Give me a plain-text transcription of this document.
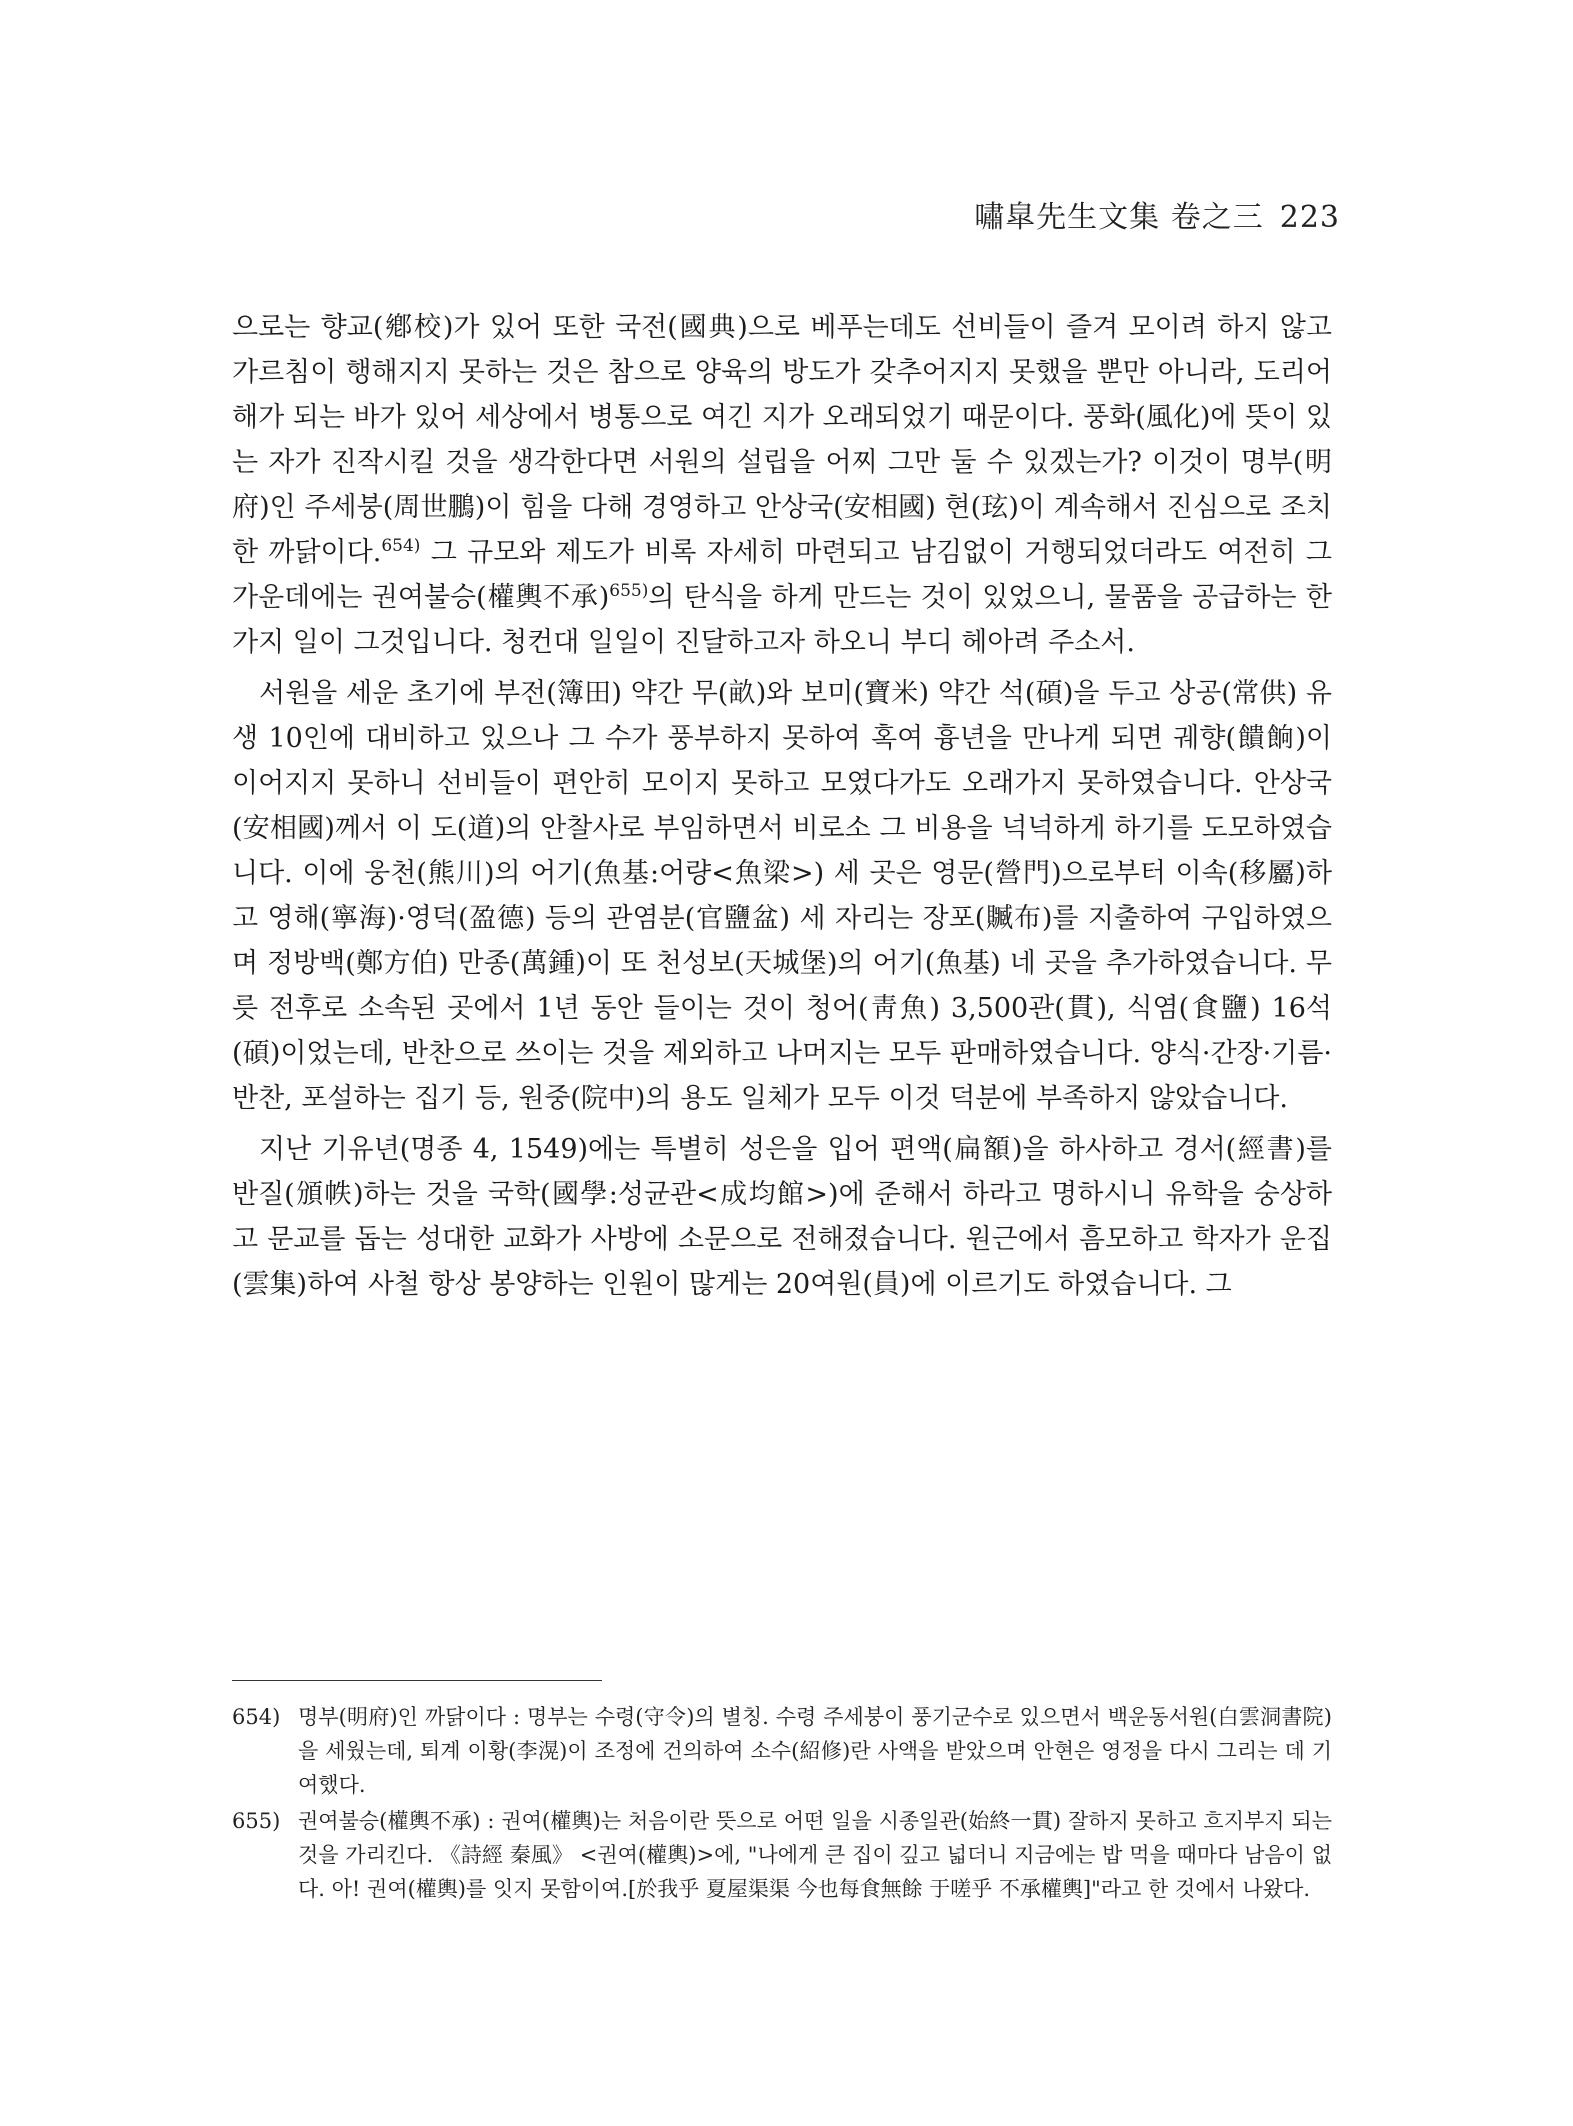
嘯皐先生文集 卷之三 223

으로는 향교(鄕校)가 있어 또한 국전(國典)으로 베푸는데도 선비들이 즐겨 모이려 하지 않고 가르침이 행해지지 못하는 것은 참으로 양육의 방도가 갖추어지지 못했을 뿐만 아니라, 도리어 해가 되는 바가 있어 세상에서 병통으로 여긴 지가 오래되었기 때문이다. 풍화(風化)에 뜻이 있는 자가 진작시킬 것을 생각한다면 서원의 설립을 어찌 그만 둘 수 있겠는가? 이것이 명부(明府)인 주세붕(周世鵬)이 힘을 다해 경영하고 안상국(安相國) 현(玹)이 계속해서 진심으로 조치한 까닭이다.$^{654)}$ 그 규모와 제도가 비록 자세히 마련되고 남김없이 거행되었더라도 여전히 그 가운데에는 권여불승(權輿不承)$^{655)}$의 탄식을 하게 만드는 것이 있었으니, 물품을 공급하는 한 가지 일이 그것입니다. 청컨대 일일이 진달하고자 하오니 부디 헤아려 주소서.

서원을 세운 초기에 부전(簿田) 약간 무(畝)와 보미(寶米) 약간 석(碩)을 두고 상공(常供) 유생 10인에 대비하고 있으나 그 수가 풍부하지 못하여 혹여 흉년을 만나게 되면 궤향(饋餉)이 이어지지 못하니 선비들이 편안히 모이지 못하고 모였다가도 오래가지 못하였습니다. 안상국(安相國)께서 이 도(道)의 안찰사로 부임하면서 비로소 그 비용을 넉넉하게 하기를 도모하였습니다. 이에 웅천(熊川)의 어기(魚基:어량<魚梁>) 세 곳은 영문(營門)으로부터 이속(移屬)하고 영해(寧海)·영덕(盈德) 등의 관염분(官鹽盆) 세 자리는 장포(贓布)를 지출하여 구입하였으며 정방백(鄭方伯) 만종(萬鍾)이 또 천성보(天城堡)의 어기(魚基) 네 곳을 추가하였습니다. 무릇 전후로 소속된 곳에서 1년 동안 들이는 것이 청어(靑魚) 3,500관(貫), 식염(食鹽) 16석(碩)이었는데, 반찬으로 쓰이는 것을 제외하고 나머지는 모두 판매하였습니다. 양식·간장·기름·반찬, 포설하는 집기 등, 원중(院中)의 용도 일체가 모두 이것 덕분에 부족하지 않았습니다.

지난 기유년(명종 4, 1549)에는 특별히 성은을 입어 편액(扁額)을 하사하고 경서(經書)를 반질(頒帙)하는 것을 국학(國學:성균관<成均館>)에 준해서 하라고 명하시니 유학을 숭상하고 문교를 돕는 성대한 교화가 사방에 소문으로 전해졌습니다. 원근에서 흠모하고 학자가 운집(雲集)하여 사철 항상 봉양하는 인원이 많게는 20여원(員)에 이르기도 하였습니다. 그

654) 명부(明府)인 까닭이다 : 명부는 수령(守令)의 별칭. 수령 주세붕이 풍기군수로 있으면서 백운동서원(白雲洞書院)을 세웠는데, 퇴계 이황(李滉)이 조정에 건의하여 소수(紹修)란 사액을 받았으며 안현은 영정을 다시 그리는 데 기여했다.
655) 권여불승(權輿不承) : 권여(權輿)는 처음이란 뜻으로 어떤 일을 시종일관(始終一貫) 잘하지 못하고 흐지부지 되는 것을 가리킨다. 《詩經 秦風》 <권여(權輿)>에, "나에게 큰 집이 깊고 넓더니 지금에는 밥 먹을 때마다 남음이 없다. 아! 권여(權輿)를 잇지 못함이여.[於我乎 夏屋渠渠 今也每食無餘 于嗟乎 不承權輿]"라고 한 것에서 나왔다.
